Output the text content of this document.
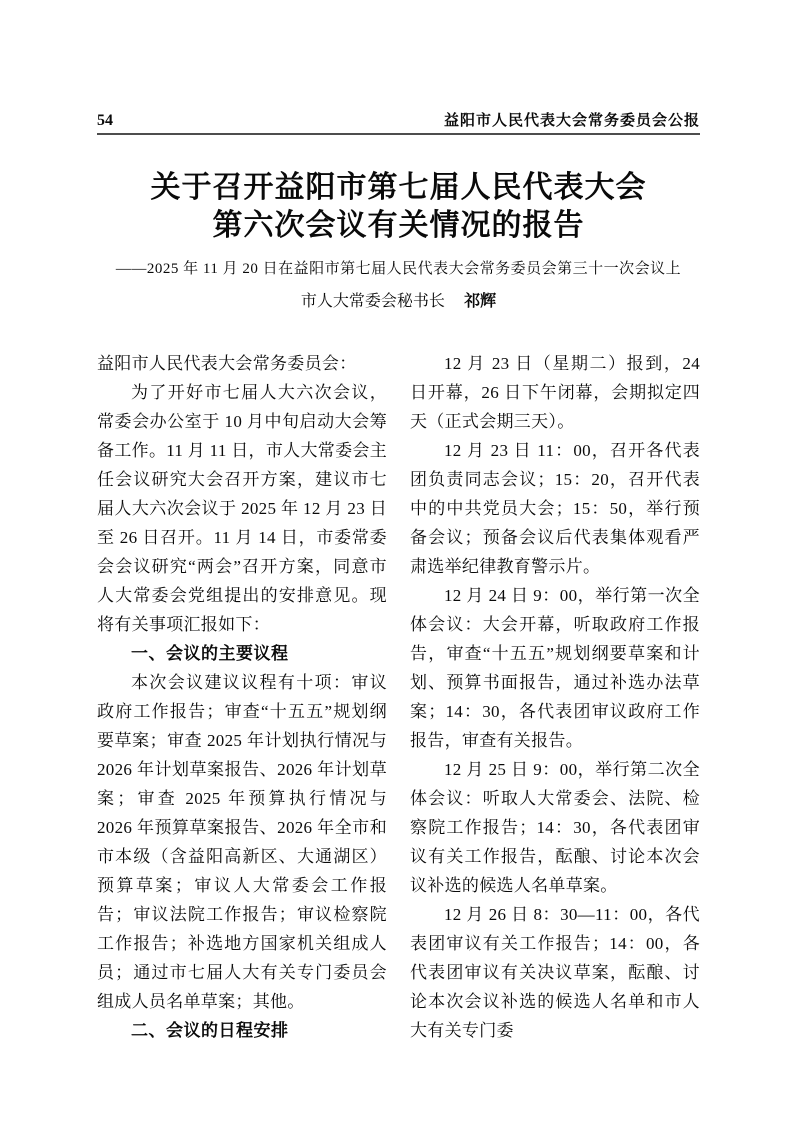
54	益阳市人民代表大会常务委员会公报
关于召开益阳市第七届人民代表大会
第六次会议有关情况的报告
——2025 年 11 月 20 日在益阳市第七届人民代表大会常务委员会第三十一次会议上
市人大常委会秘书长 祁辉

益阳市人民代表大会常务委员会：

为了开好市七届人大六次会议，常委会办公室于 10 月中旬启动大会筹备工作。11 月 11 日，市人大常委会主任会议研究大会召开方案，建议市七届人大六次会议于 2025 年 12 月 23 日至 26 日召开。11 月 14 日，市委常委会会议研究“两会”召开方案，同意市人大常委会党组提出的安排意见。现将有关事项汇报如下：

一、会议的主要议程

本次会议建议议程有十项：审议政府工作报告；审查“十五五”规划纲要草案；审查 2025 年计划执行情况与 2026 年计划草案报告、2026 年计划草案；审查 2025 年预算执行情况与 2026 年预算草案报告、2026 年全市和市本级（含益阳高新区、大通湖区）预算草案；审议人大常委会工作报告；审议法院工作报告；审议检察院工作报告；补选地方国家机关组成人员；通过市七届人大有关专门委员会组成人员名单草案；其他。

二、会议的日程安排

12 月 23 日（星期二）报到，24 日开幕，26 日下午闭幕，会期拟定四天（正式会期三天）。

12 月 23 日 11：00，召开各代表团负责同志会议；15：20，召开代表中的中共党员大会；15：50，举行预备会议；预备会议后代表集体观看严肃选举纪律教育警示片。

12 月 24 日 9：00，举行第一次全体会议：大会开幕，听取政府工作报告，审查“十五五”规划纲要草案和计划、预算书面报告，通过补选办法草案；14：30，各代表团审议政府工作报告，审查有关报告。

12 月 25 日 9：00，举行第二次全体会议：听取人大常委会、法院、检察院工作报告；14：30，各代表团审议有关工作报告，酝酿、讨论本次会议补选的候选人名单草案。

12 月 26 日 8：30—11：00，各代表团审议有关工作报告；14：00，各代表团审议有关决议草案，酝酿、讨论本次会议补选的候选人名单和市人大有关专门委
